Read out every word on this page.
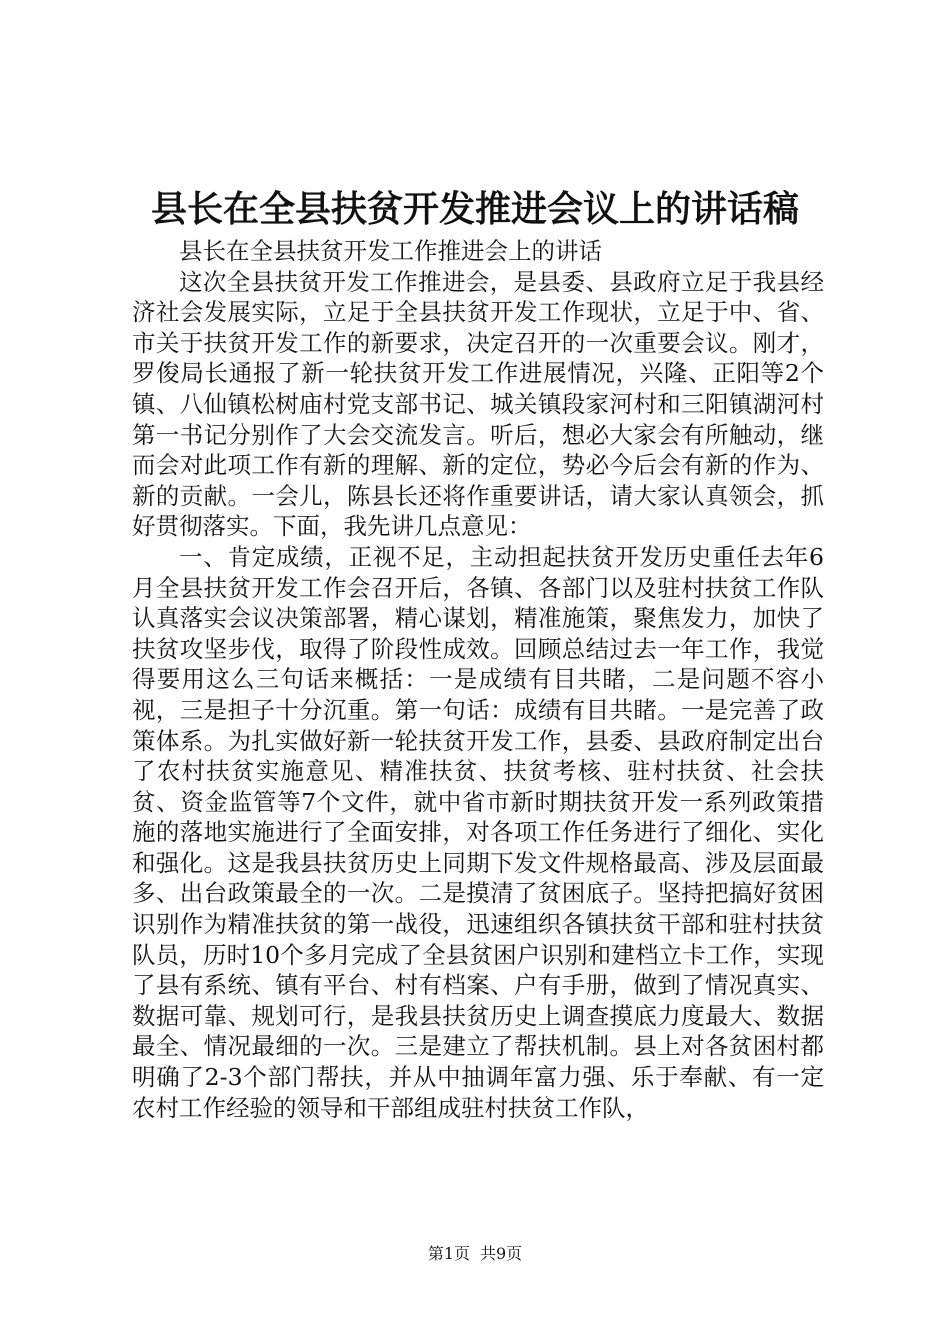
县长在全县扶贫开发推进会议上的讲话稿

县长在全县扶贫开发工作推进会上的讲话

这次全县扶贫开发工作推进会，是县委、县政府立足于我县经济社会发展实际，立足于全县扶贫开发工作现状，立足于中、省、市关于扶贫开发工作的新要求，决定召开的一次重要会议。刚才，罗俊局长通报了新一轮扶贫开发工作进展情况，兴隆、正阳等2个镇、八仙镇松树庙村党支部书记、城关镇段家河村和三阳镇湖河村第一书记分别作了大会交流发言。听后，想必大家会有所触动，继而会对此项工作有新的理解、新的定位，势必今后会有新的作为、新的贡献。一会儿，陈县长还将作重要讲话，请大家认真领会，抓好贯彻落实。下面，我先讲几点意见：

一、肯定成绩，正视不足，主动担起扶贫开发历史重任去年6月全县扶贫开发工作会召开后，各镇、各部门以及驻村扶贫工作队认真落实会议决策部署，精心谋划，精准施策，聚焦发力，加快了扶贫攻坚步伐，取得了阶段性成效。回顾总结过去一年工作，我觉得要用这么三句话来概括：一是成绩有目共睹，二是问题不容小视，三是担子十分沉重。第一句话：成绩有目共睹。一是完善了政策体系。为扎实做好新一轮扶贫开发工作，县委、县政府制定出台了农村扶贫实施意见、精准扶贫、扶贫考核、驻村扶贫、社会扶贫、资金监管等7个文件，就中省市新时期扶贫开发一系列政策措施的落地实施进行了全面安排，对各项工作任务进行了细化、实化和强化。这是我县扶贫历史上同期下发文件规格最高、涉及层面最多、出台政策最全的一次。二是摸清了贫困底子。坚持把搞好贫困识别作为精准扶贫的第一战役，迅速组织各镇扶贫干部和驻村扶贫队员，历时10个多月完成了全县贫困户识别和建档立卡工作，实现了县有系统、镇有平台、村有档案、户有手册，做到了情况真实、数据可靠、规划可行，是我县扶贫历史上调查摸底力度最大、数据最全、情况最细的一次。三是建立了帮扶机制。县上对各贫困村都明确了2-3个部门帮扶，并从中抽调年富力强、乐于奉献、有一定农村工作经验的领导和干部组成驻村扶贫工作队，

第1页 共9页
